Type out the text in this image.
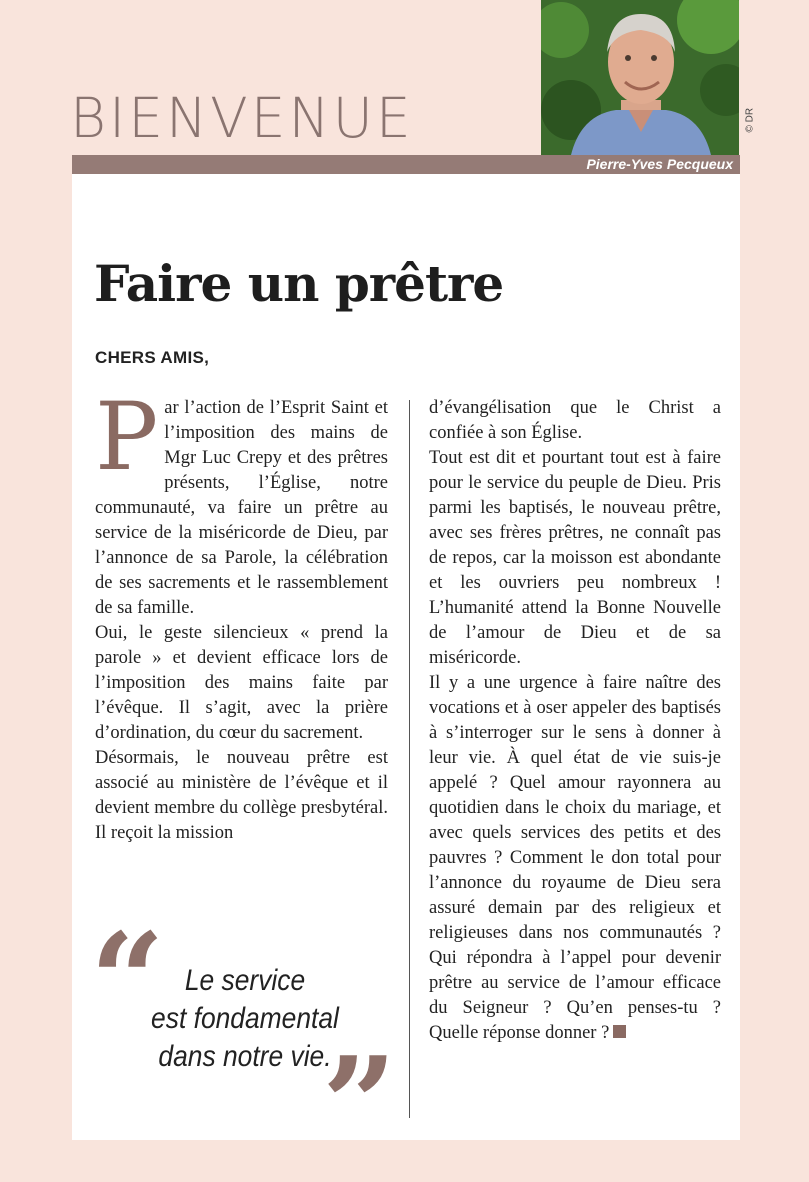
BIENVENUE	© DR
Pierre-Yves Pecqueux
Faire un prêtre
CHERS AMIS,

Par l’action de l’Esprit Saint et l’imposition des mains de Mgr Luc Crepy et des prêtres présents, l’Église, notre communauté, va faire un prêtre au service de la miséricorde de Dieu, par l’annonce de sa Parole, la célébration de ses sacrements et le rassemblement de sa famille.

Oui, le geste silencieux « prend la parole » et devient efficace lors de l’imposition des mains faite par l’évêque. Il s’agit, avec la prière d’ordination, du cœur du sacrement.

Désormais, le nouveau prêtre est associé au ministère de l’évêque et il devient membre du collège presbytéral. Il reçoit la mission

d’évangélisation que le Christ a confiée à son Église.

Tout est dit et pourtant tout est à faire pour le service du peuple de Dieu. Pris parmi les baptisés, le nouveau prêtre, avec ses frères prêtres, ne connaît pas de repos, car la moisson est abondante et les ouvriers peu nombreux ! L’humanité attend la Bonne Nouvelle de l’amour de Dieu et de sa miséricorde.

Il y a une urgence à faire naître des vocations et à oser appeler des baptisés à s’interroger sur le sens à donner à leur vie. À quel état de vie suis-je appelé ? Quel amour rayonnera au quotidien dans le choix du mariage, et avec quels services des petits et des pauvres ? Comment le don total pour l’annonce du royaume de Dieu sera assuré demain par des religieux et religieuses dans nos communautés ? Qui répondra à l’appel pour devenir prêtre au service de l’amour efficace du Seigneur ? Qu’en penses-tu ? Quelle réponse donner ?

“ Le service
est fondamental
dans notre vie.
”
